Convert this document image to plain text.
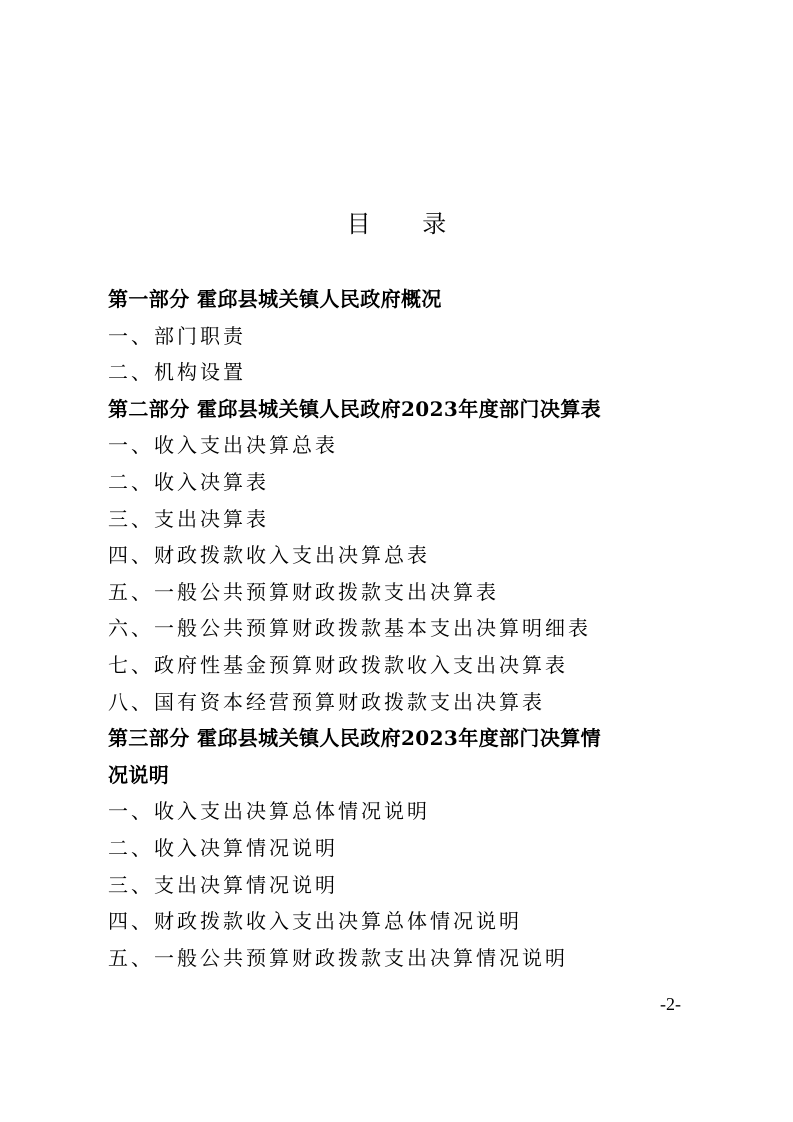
目 录
第一部分 霍邱县城关镇人民政府概况
一、部门职责
二、机构设置
第二部分 霍邱县城关镇人民政府2023年度部门决算表
一、收入支出决算总表
二、收入决算表
三、支出决算表
四、财政拨款收入支出决算总表
五、一般公共预算财政拨款支出决算表
六、一般公共预算财政拨款基本支出决算明细表
七、政府性基金预算财政拨款收入支出决算表
八、国有资本经营预算财政拨款支出决算表
第三部分 霍邱县城关镇人民政府2023年度部门决算情
况说明
一、收入支出决算总体情况说明
二、收入决算情况说明
三、支出决算情况说明
四、财政拨款收入支出决算总体情况说明
五、一般公共预算财政拨款支出决算情况说明
-2-
